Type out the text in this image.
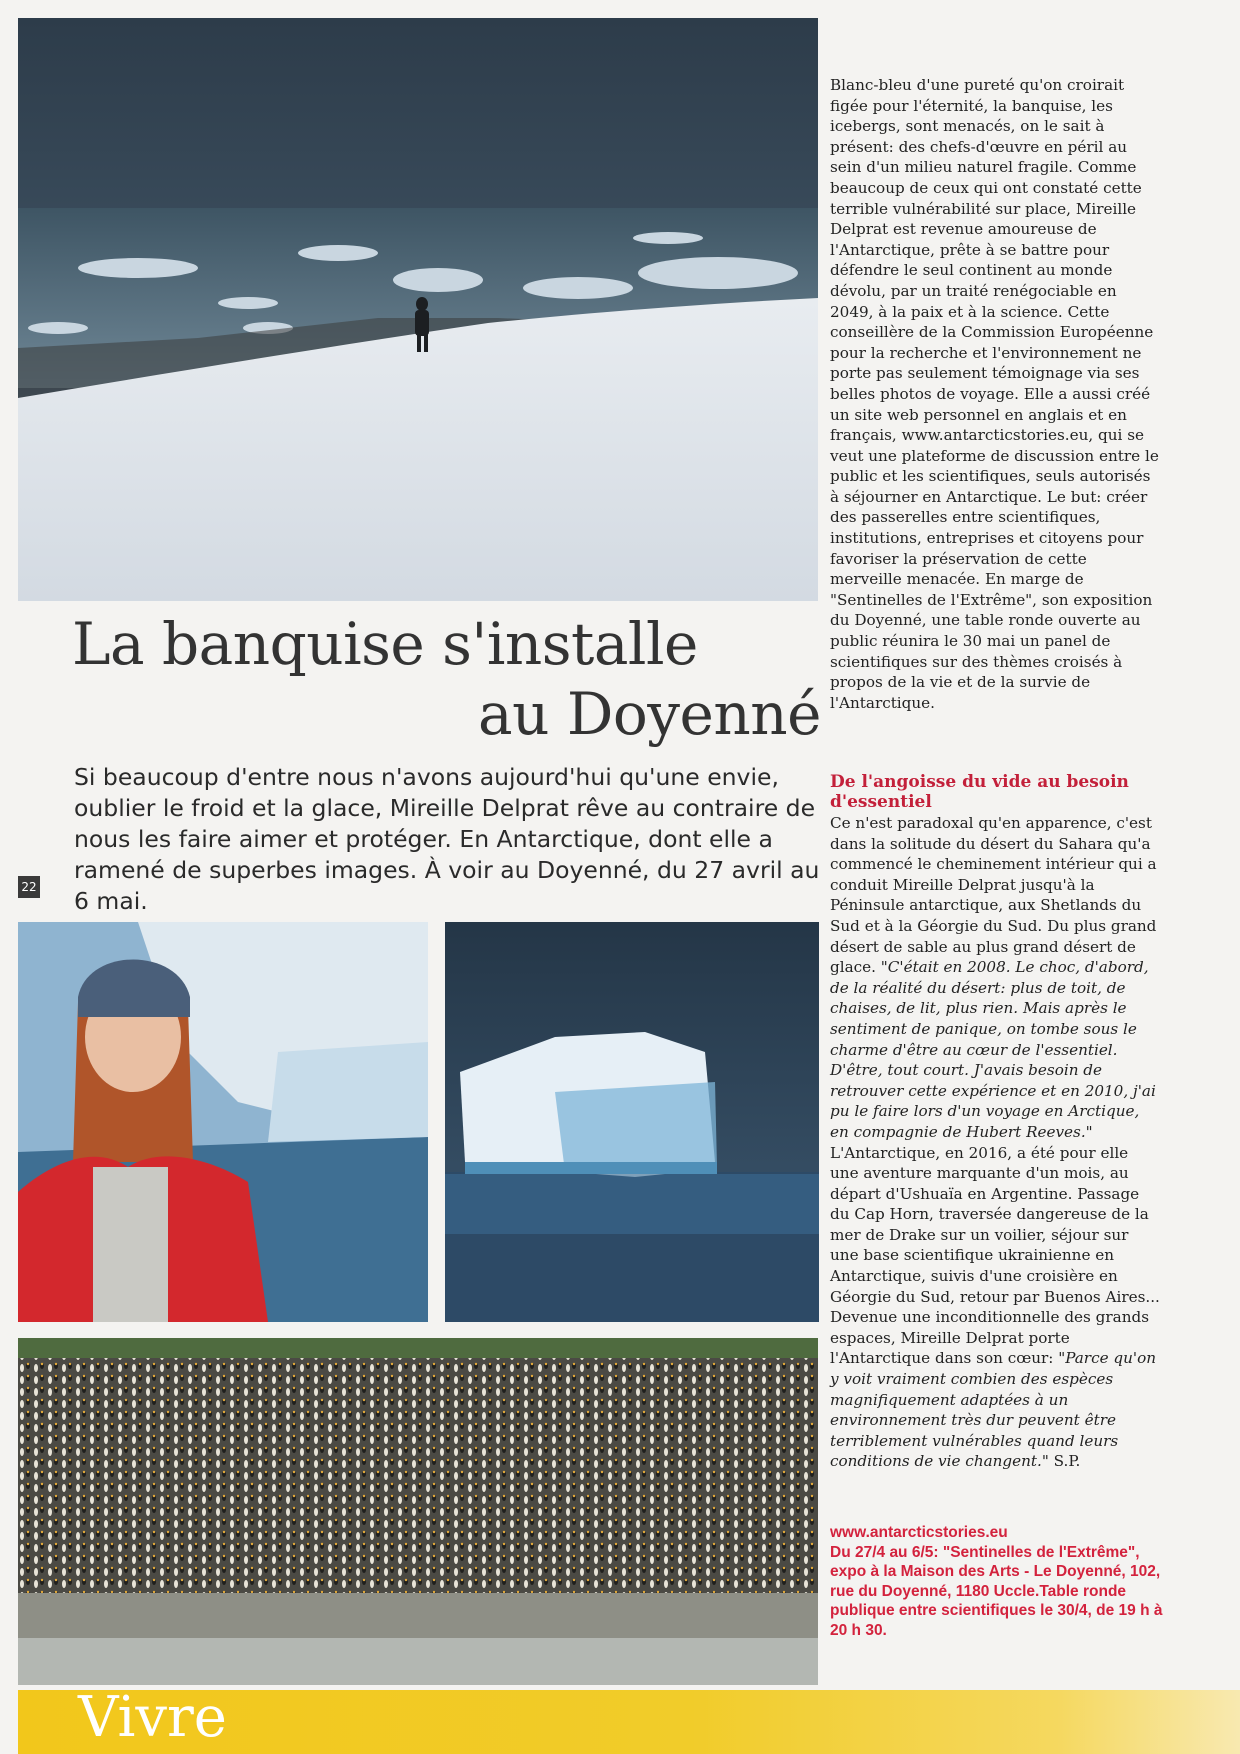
La banquise s'installe
au Doyenné
Si beaucoup d'entre nous n'avons aujourd'hui qu'une envie, oublier le froid et la glace, Mireille Delprat rêve au contraire de nous les faire aimer et protéger. En Antarctique, dont elle a ramené de superbes images. À voir au Doyenné, du 27 avril au 6 mai.
22

Blanc-bleu d'une pureté qu'on croirait figée pour l'éternité, la banquise, les icebergs, sont menacés, on le sait à présent: des chefs-d'œuvre en péril au sein d'un milieu naturel fragile. Comme beaucoup de ceux qui ont constaté cette terrible vulnérabilité sur place, Mireille Delprat est revenue amoureuse de l'Antarctique, prête à se battre pour défendre le seul continent au monde dévolu, par un traité renégociable en 2049, à la paix et à la science. Cette conseillère de la Commission Européenne pour la recherche et l'environnement ne porte pas seulement témoignage via ses belles photos de voyage. Elle a aussi créé un site web personnel en anglais et en français, www.antarcticstories.eu, qui se veut une plateforme de discussion entre le public et les scientifiques, seuls autorisés à séjourner en Antarctique. Le but: créer des passerelles entre scientifiques, institutions, entreprises et citoyens pour favoriser la préservation de cette merveille menacée. En marge de "Sentinelles de l'Extrême", son exposition du Doyenné, une table ronde ouverte au public réunira le 30 mai un panel de scientifiques sur des thèmes croisés à propos de la vie et de la survie de l'Antarctique.

De l'angoisse du vide au besoin d'essentiel

Ce n'est paradoxal qu'en apparence, c'est dans la solitude du désert du Sahara qu'a commencé le cheminement intérieur qui a conduit Mireille Delprat jusqu'à la Péninsule antarctique, aux Shetlands du Sud et à la Géorgie du Sud. Du plus grand désert de sable au plus grand désert de glace. "C'était en 2008. Le choc, d'abord, de la réalité du désert: plus de toit, de chaises, de lit, plus rien. Mais après le sentiment de panique, on tombe sous le charme d'être au cœur de l'essentiel. D'être, tout court. J'avais besoin de retrouver cette expérience et en 2010, j'ai pu le faire lors d'un voyage en Arctique, en compagnie de Hubert Reeves." L'Antarctique, en 2016, a été pour elle une aventure marquante d'un mois, au départ d'Ushuaïa en Argentine. Passage du Cap Horn, traversée dangereuse de la mer de Drake sur un voilier, séjour sur une base scientifique ukrainienne en Antarctique, suivis d'une croisière en Géorgie du Sud, retour par Buenos Aires... Devenue une inconditionnelle des grands espaces, Mireille Delprat porte l'Antarctique dans son cœur: "Parce qu'on y voit vraiment combien des espèces magnifiquement adaptées à un environnement très dur peuvent être terriblement vulnérables quand leurs conditions de vie changent." S.P.

www.antarcticstories.eu
Du 27/4 au 6/5: "Sentinelles de l'Extrême", expo à la Maison des Arts - Le Doyenné, 102, rue du Doyenné, 1180 Uccle.Table ronde publique entre scientifiques le 30/4, de 19 h à 20 h 30.
Vivre
